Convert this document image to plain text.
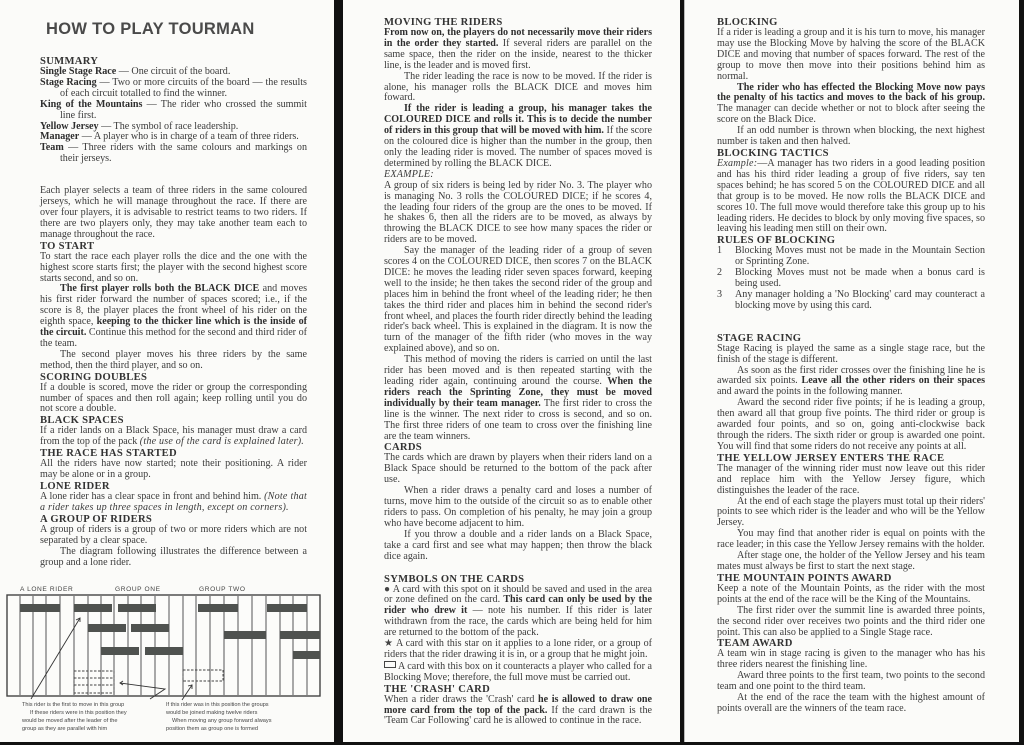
HOW TO PLAY TOURMAN
SUMMARY

Single Stage Race — One circuit of the board.

Stage Racing — Two or more circuits of the board — the results of each circuit totalled to find the winner.

King of the Mountains — The rider who crossed the summit line first.

Yellow Jersey — The symbol of race leadership.

Manager — A player who is in charge of a team of three riders.

Team — Three riders with the same colours and markings on their jerseys.

Each player selects a team of three riders in the same coloured jerseys, which he will manage throughout the race. If there are over four players, it is advisable to restrict teams to two riders. If there are two players only, they may take another team each to manage throughout the race.

TO START

To start the race each player rolls the dice and the one with the highest score starts first; the player with the second highest score starts second, and so on.

The first player rolls both the BLACK DICE and moves his first rider forward the number of spaces scored; i.e., if the score is 8, the player places the front wheel of his rider on the eighth space, keeping to the thicker line which is the inside of the circuit. Continue this method for the second and third rider of the team.

The second player moves his three riders by the same method, then the third player, and so on.

SCORING DOUBLES

If a double is scored, move the rider or group the corresponding number of spaces and then roll again; keep rolling until you do not score a double.

BLACK SPACES

If a rider lands on a Black Space, his manager must draw a card from the top of the pack (the use of the card is explained later).

THE RACE HAS STARTED

All the riders have now started; note their positioning. A rider may be alone or in a group.

LONE RIDER

A lone rider has a clear space in front and behind him. (Note that a rider takes up three spaces in length, except on corners).

A GROUP OF RIDERS

A group of riders is a group of two or more riders which are not separated by a clear space.

The diagram following illustrates the difference between a group and a lone rider.

A LONE RIDER	GROUP ONE	GROUP TWO
This rider is the first to move in this group
If these riders were in this position they
would be moved after the leader of the
group as they are parallel with him
If this rider was in this position the groups
would be joined making twelve riders
When moving any group forward always
position them as group one is formed
MOVING THE RIDERS

From now on, the players do not necessarily move their riders in the order they started. If several riders are parallel on the same space, then the rider on the inside, nearest to the thicker line, is the leader and is moved first.

The rider leading the race is now to be moved. If the rider is alone, his manager rolls the BLACK DICE and moves him foward.

If the rider is leading a group, his manager takes the COLOURED DICE and rolls it. This is to decide the number of riders in this group that will be moved with him. If the score on the coloured dice is higher than the number in the group, then only the leading rider is moved. The number of spaces moved is determined by rolling the BLACK DICE.

EXAMPLE:

A group of six riders is being led by rider No. 3. The player who is managing No. 3 rolls the COLOURED DICE; if he scores 4, the leading four riders of the group are the ones to be moved. If he shakes 6, then all the riders are to be moved, as always by throwing the BLACK DICE to see how many spaces the rider or riders are to be moved.

Say the manager of the leading rider of a group of seven scores 4 on the COLOURED DICE, then scores 7 on the BLACK DICE: he moves the leading rider seven spaces forward, keeping well to the inside; he then takes the second rider of the group and places him in behind the front wheel of the leading rider; he then takes the third rider and places him in behind the second rider's front wheel, and places the fourth rider directly behind the leading rider's back wheel. This is explained in the diagram. It is now the turn of the manager of the fifth rider (who moves in the way explained above), and so on.

This method of moving the riders is carried on until the last rider has been moved and is then repeated starting with the leading rider again, continuing around the course. When the riders reach the Sprinting Zone, they must be moved individually by their team manager. The first rider to cross the line is the winner. The next rider to cross is second, and so on. The first three riders of one team to cross over the finishing line are the team winners.

CARDS

The cards which are drawn by players when their riders land on a Black Space should be returned to the bottom of the pack after use.

When a rider draws a penalty card and loses a number of turns, move him to the outside of the circuit so as to enable other riders to pass. On completion of his penalty, he may join a group who have become adjacent to him.

If you throw a double and a rider lands on a Black Space, take a card first and see what may happen; then throw the black dice again.

SYMBOLS ON THE CARDS

● A card with this spot on it should be saved and used in the area or zone defined on the card. This card can only be used by the rider who drew it — note his number. If this rider is later withdrawn from the race, the cards which are being held for him are returned to the bottom of the pack.

★ A card with this star on it applies to a lone rider, or a group of riders that the rider drawing it is in, or a group that he might join.

A card with this box on it counteracts a player who called for a Blocking Move; therefore, the full move must be carried out.

THE 'CRASH' CARD

When a rider draws the 'Crash' card he is allowed to draw one more card from the top of the pack. If the card drawn is the 'Team Car Following' card he is allowed to continue in the race.

BLOCKING

If a rider is leading a group and it is his turn to move, his manager may use the Blocking Move by halving the score of the BLACK DICE and moving that number of spaces forward. The rest of the group to move then move into their positions behind him as normal.

The rider who has effected the Blocking Move now pays the penalty of his tactics and moves to the back of his group. The manager can decide whether or not to block after seeing the score on the Black Dice.

If an odd number is thrown when blocking, the next highest number is taken and then halved.

BLOCKING TACTICS

Example:—A manager has two riders in a good leading position and has his third rider leading a group of five riders, say ten spaces behind; he has scored 5 on the COLOURED DICE and all that group is to be moved. He now rolls the BLACK DICE and scores 10. The full move would therefore take this group up to his leading riders. He decides to block by only moving five spaces, so leaving his leading men still on their own.

RULES OF BLOCKING

1 Blocking Moves must not be made in the Mountain Section or Sprinting Zone.

2 Blocking Moves must not be made when a bonus card is being used.

3 Any manager holding a 'No Blocking' card may counteract a blocking move by using this card.

STAGE RACING

Stage Racing is played the same as a single stage race, but the finish of the stage is different.

As soon as the first rider crosses over the finishing line he is awarded six points. Leave all the other riders on their spaces and award the points in the following manner.

Award the second rider five points; if he is leading a group, then award all that group five points. The third rider or group is awarded four points, and so on, going anti-clockwise back through the riders. The sixth rider or group is awarded one point. You will find that some riders do not receive any points at all.

THE YELLOW JERSEY ENTERS THE RACE

The manager of the winning rider must now leave out this rider and replace him with the Yellow Jersey figure, which distinguishes the leader of the race.

At the end of each stage the players must total up their riders' points to see which rider is the leader and who will be the Yellow Jersey.

You may find that another rider is equal on points with the race leader; in this case the Yellow Jersey remains with the holder.

After stage one, the holder of the Yellow Jersey and his team mates must always be first to start the next stage.

THE MOUNTAIN POINTS AWARD

Keep a note of the Mountain Points, as the rider with the most points at the end of the race will be the King of the Mountains.

The first rider over the summit line is awarded three points, the second rider over receives two points and the third rider one point. This can also be applied to a Single Stage race.

TEAM AWARD

A team win in stage racing is given to the manager who has his three riders nearest the finishing line.

Award three points to the first team, two points to the second team and one point to the third team.

At the end of the race the team with the highest amount of points overall are the winners of the team race.
